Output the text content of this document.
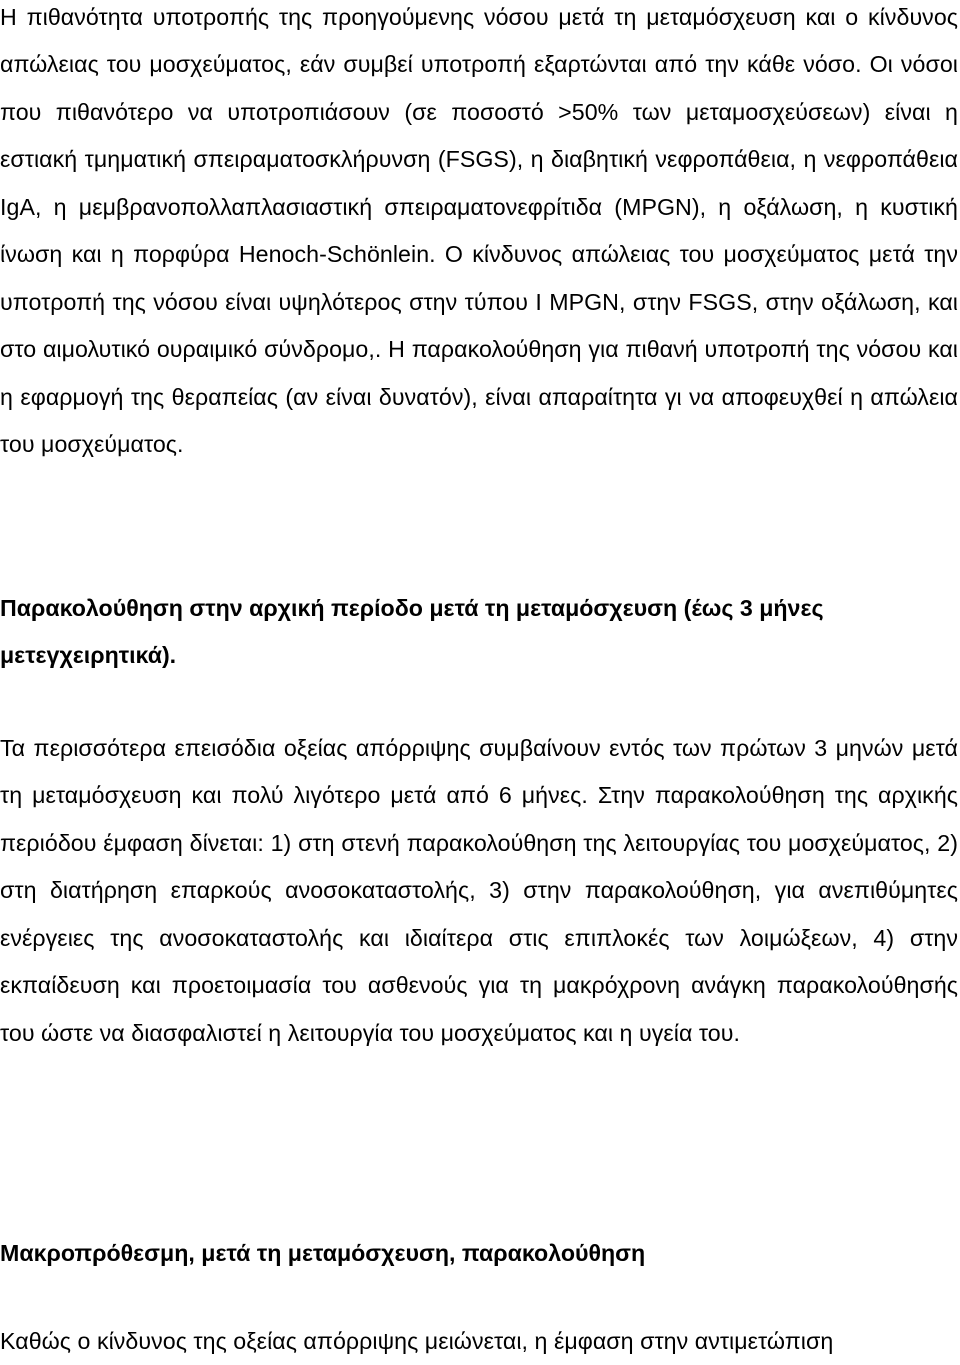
Η πιθανότητα υποτροπής της προηγούμενης νόσου μετά τη μεταμόσχευση και ο κίνδυνος απώλειας του μοσχεύματος, εάν συμβεί υποτροπή εξαρτώνται από την κάθε νόσο. Οι νόσοι που πιθανότερο να υποτροπιάσουν (σε ποσοστό >50% των μεταμοσχεύσεων) είναι η εστιακή τμηματική σπειραματοσκλήρυνση (FSGS), η διαβητική νεφροπάθεια, η νεφροπάθεια IgA, η μεμβρανοπολλαπλασιαστική σπειραματονεφρίτιδα (MPGN), η οξάλωση, η κυστική ίνωση και η πορφύρα Henoch-Schönlein. Ο κίνδυνος απώλειας του μοσχεύματος μετά την υποτροπή της νόσου είναι υψηλότερος στην τύπου I MPGN, στην FSGS, στην οξάλωση, και στο αιμολυτικό ουραιμικό σύνδρομο,. Η παρακολούθηση για πιθανή υποτροπή της νόσου και η εφαρμογή της θεραπείας (αν είναι δυνατόν), είναι απαραίτητα γι να αποφευχθεί η απώλεια του μοσχεύματος.

Παρακολούθηση στην αρχική περίοδο μετά τη μεταμόσχευση (έως 3 μήνες μετεγχειρητικά).

Τα περισσότερα επεισόδια οξείας απόρριψης συμβαίνουν εντός των πρώτων 3 μηνών μετά τη μεταμόσχευση και πολύ λιγότερο μετά από 6 μήνες. Στην παρακολούθηση της αρχικής περιόδου έμφαση δίνεται: 1) στη στενή παρακολούθηση της λειτουργίας του μοσχεύματος, 2) στη διατήρηση επαρκούς ανοσοκαταστολής, 3) στην παρακολούθηση, για ανεπιθύμητες ενέργειες της ανοσοκαταστολής και ιδιαίτερα στις επιπλοκές των λοιμώξεων, 4) στην εκπαίδευση και προετοιμασία του ασθενούς για τη μακρόχρονη ανάγκη παρακολούθησής του ώστε να διασφαλιστεί η λειτουργία του μοσχεύματος και η υγεία του.

Μακροπρόθεσμη, μετά τη μεταμόσχευση, παρακολούθηση

Καθώς ο κίνδυνος της οξείας απόρριψης μειώνεται, η έμφαση στην αντιμετώπιση
